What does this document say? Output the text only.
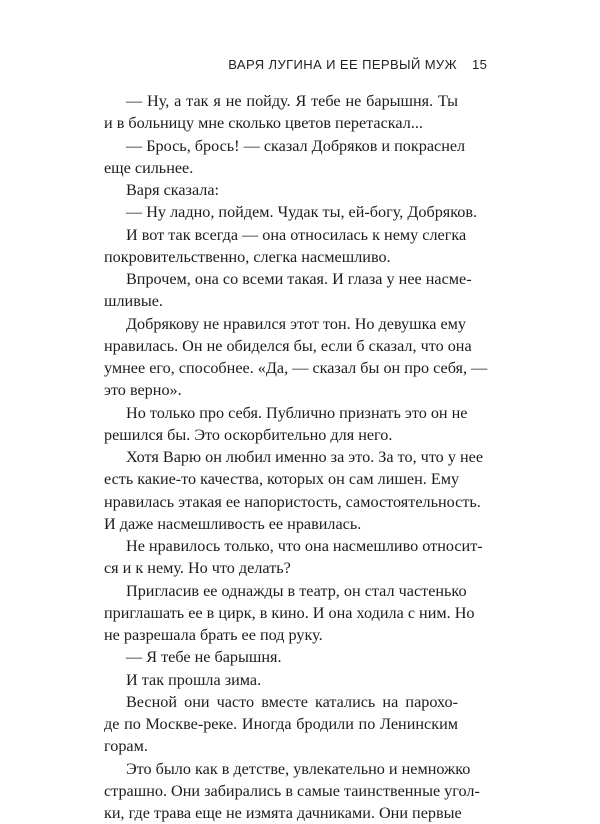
ВАРЯ ЛУГИНА И ЕЕ ПЕРВЫЙ МУЖ 15
— Ну, а так я не пойду. Я тебе не барышня. Ты
и в больницу мне сколько цветов перетаскал...
— Брось, брось! — сказал Добряков и покраснел
еще сильнее.
Варя сказала:
— Ну ладно, пойдем. Чудак ты, ей-богу, Добряков.
И вот так всегда — она относилась к нему слегка
покровительственно, слегка насмешливо.
Впрочем, она со всеми такая. И глаза у нее насме-
шливые.
Добрякову не нравился этот тон. Но девушка ему
нравилась. Он не обиделся бы, если б сказал, что она
умнее его, способнее. «Да, — сказал бы он про себя, —
это верно».
Но только про себя. Публично признать это он не
решился бы. Это оскорбительно для него.
Хотя Варю он любил именно за это. За то, что у нее
есть какие-то качества, которых он сам лишен. Ему
нравилась этакая ее напористость, самостоятельность.
И даже насмешливость ее нравилась.
Не нравилось только, что она насмешливо относит-
ся и к нему. Но что делать?
Пригласив ее однажды в театр, он стал частенько
приглашать ее в цирк, в кино. И она ходила с ним. Но
не разрешала брать ее под руку.
— Я тебе не барышня.
И так прошла зима.
Весной они часто вместе катались на парохо-
де по Москве-реке. Иногда бродили по Ленинским
горам.
Это было как в детстве, увлекательно и немножко
страшно. Они забирались в самые таинственные угол-
ки, где трава еще не измята дачниками. Они первые
